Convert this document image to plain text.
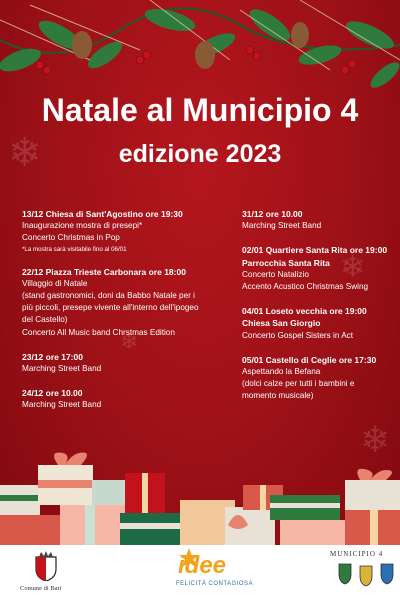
❄
❄
❄
❄
Natale al Municipio 4
edizione 2023
13/12 Chiesa di Sant'Agostino ore 19:30
Inaugurazione mostra di presepi*
Concerto Christmas in Pop
*La mostra sarà visitabile fino al 06/01
22/12 Piazza Trieste Carbonara ore 18:00
Villaggio di Natale
(stand gastronomici, doni da Babbo Natale per i
più piccoli, presepe vivente all'interno dell'ipogeo
del Castello)
Concerto All Music band Chrstmas Edition
23/12 ore 17:00
Marching Street Band
24/12 ore 10.00
Marching Street Band
31/12 ore 10.00
Marching Street Band
02/01 Quartiere Santa Rita ore 19:00
Parrocchia Santa Rita
Concerto Natalizio
Accento Acustico Christmas Swing
04/01 Loseto vecchia ore 19:00
Chiesa San Giorgio
Concerto Gospel Sisters in Act
05/01 Castello di Ceglie ore 17:30
Aspettando la Befana
(dolci calze per tutti i bambini e
momento musicale)
Comune di Bari
idee
FELICITÀ CONTAGIOSA
MUNICIPIO 4
